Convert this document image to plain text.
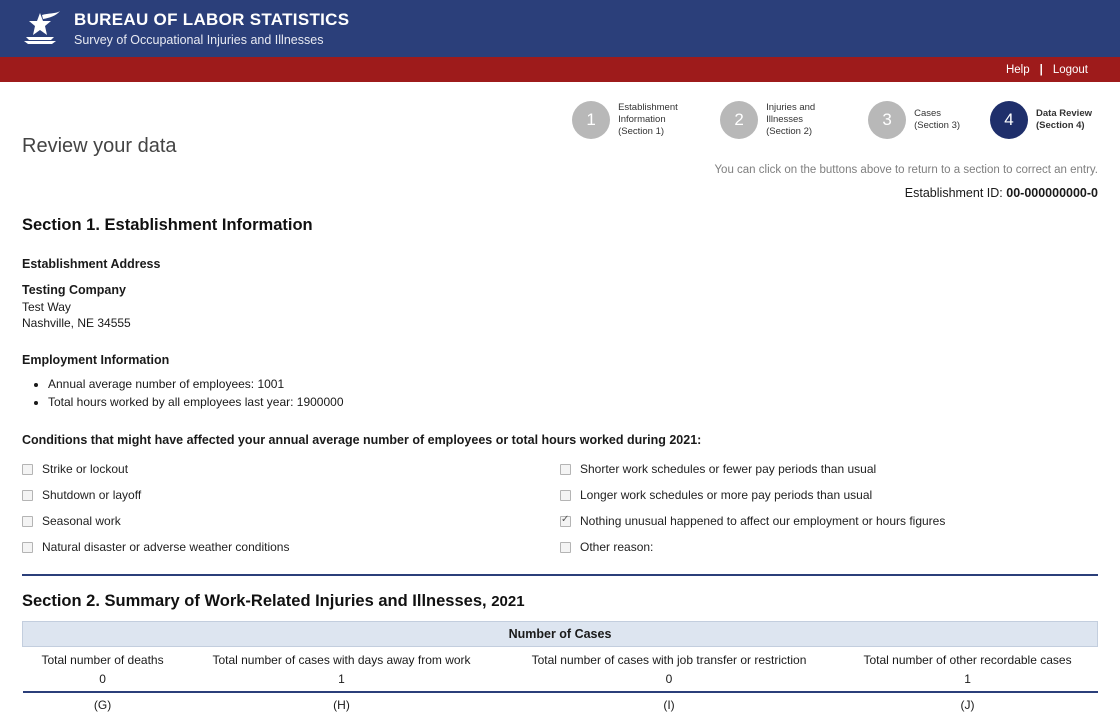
BUREAU OF LABOR STATISTICS
Survey of Occupational Injuries and Illnesses
Help | Logout
1
Establishment Information
(Section 1)
2
Injuries and Illnesses
(Section 2)
3	Cases
(Section 3)	4	Data Review
(Section 4)
Review your data
You can click on the buttons above to return to a section to correct an entry.
Establishment ID: 00-000000000-0
Section 1. Establishment Information
Establishment Address
Testing Company
Test Way
Nashville, NE 34555
Employment Information
• Annual average number of employees: 1001
• Total hours worked by all employees last year: 1900000
Conditions that might have affected your annual average number of employees or total hours worked during 2021:
Strike or lockout
Shutdown or layoff
Seasonal work
Natural disaster or adverse weather conditions
Shorter work schedules or fewer pay periods than usual
Longer work schedules or more pay periods than usual
✓
Nothing unusual happened to affect our employment or hours figures
Other reason:
Section 2. Summary of Work-Related Injuries and Illnesses, 2021
Number of Cases			
Total number of deaths	Total number of cases with days away from work	Total number of cases with job transfer or restriction	Total number of other recordable cases
0	1	0	1
(G)	(H)	(I)	(J)
